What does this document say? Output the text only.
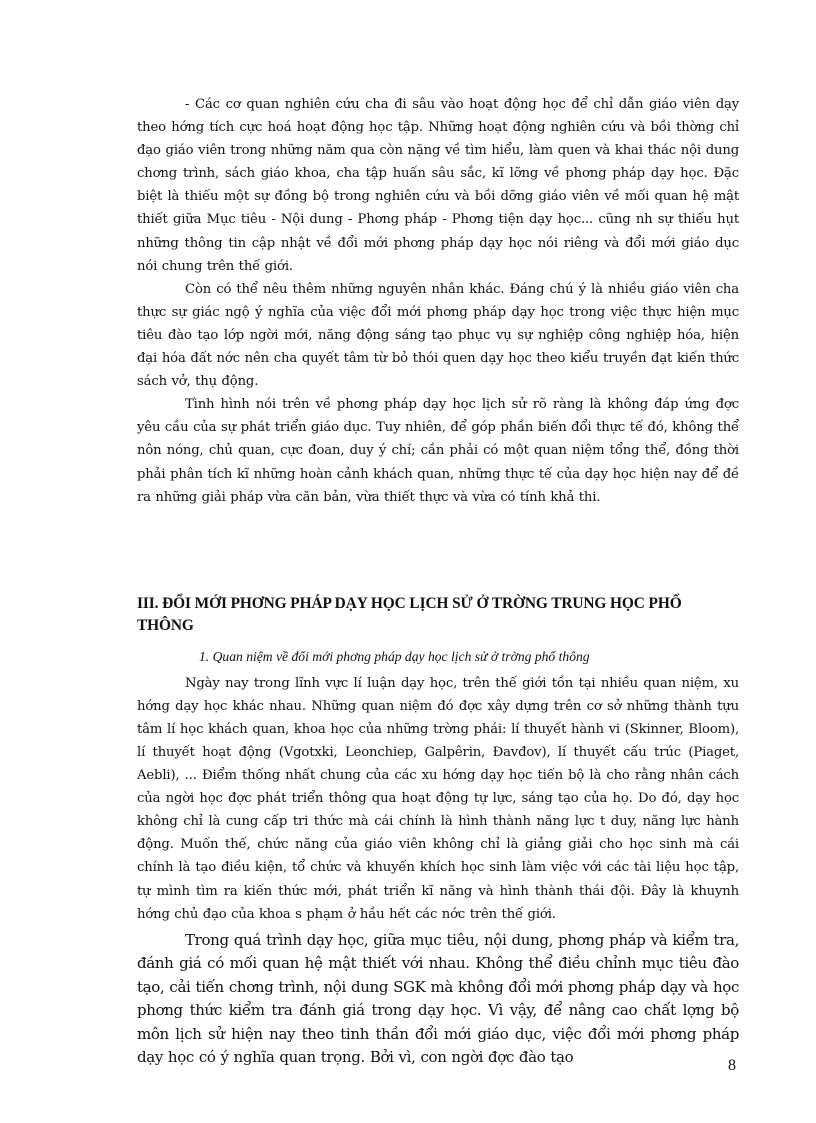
- Các cơ quan nghiên cứu cha đi sâu vào hoạt động học để chỉ dẫn giáo viên dạy theo hớng tích cực hoá hoạt động học tập. Những hoạt động nghiên cứu và bồi thờng chỉ đạo giáo viên trong những năm qua còn nặng về tìm hiểu, làm quen và khai thác nội dung chơng trình, sách giáo khoa, cha tập huấn sâu sắc, kĩ lỡng về phơng pháp dạy học. Đặc biệt là thiếu một sự đồng bộ trong nghiên cứu và bồi dỡng giáo viên về mối quan hệ mật thiết giữa Mục tiêu - Nội dung - Phơng pháp - Phơng tiện dạy học... cũng nh sự thiếu hụt những thông tin cập nhật về đổi mới phơng pháp dạy học nói riêng và đổi mới giáo dục nói chung trên thế giới.

Còn có thể nêu thêm những nguyên nhân khác. Đáng chú ý là nhiều giáo viên cha thực sự giác ngộ ý nghĩa của việc đổi mới phơng pháp dạy học trong việc thực hiện mục tiêu đào tạo lớp ngời mới, năng động sáng tạo phục vụ sự nghiệp công nghiệp hóa, hiện đại hóa đất nớc nên cha quyết tâm từ bỏ thói quen dạy học theo kiểu truyền đạt kiến thức sách vở, thụ động.

Tình hình nói trên về phơng pháp dạy học lịch sử rõ ràng là không đáp ứng đợc yêu cầu của sự phát triển giáo dục. Tuy nhiên, để góp phần biến đổi thực tế đó, không thể nôn nóng, chủ quan, cực đoan, duy ý chí; cần phải có một quan niệm tổng thể, đồng thời phải phân tích kĩ những hoàn cảnh khách quan, những thực tế của dạy học hiện nay để đề ra những giải pháp vừa căn bản, vừa thiết thực và vừa có tính khả thi.

III. ĐỔI MỚI PHƠNG PHÁP DẠY HỌC LỊCH SỬ Ở TRỜNG TRUNG HỌC PHỔ THÔNG
1. Quan niệm về đổi mới phơng pháp dạy học lịch sử ở trờng phổ thông

Ngày nay trong lĩnh vực lí luận dạy học, trên thế giới tồn tại nhiều quan niệm, xu hớng dạy học khác nhau. Những quan niệm đó đợc xây dựng trên cơ sở những thành tựu tâm lí học khách quan, khoa học của những trờng phái: lí thuyết hành vi (Skinner, Bloom), lí thuyết hoạt động (Vgotxki, Leonchiep, Galpêrin, Đavđov), lí thuyết cấu trúc (Piaget, Aebli), ... Điểm thống nhất chung của các xu hớng dạy học tiến bộ là cho rằng nhân cách của ngời học đợc phát triển thông qua hoạt động tự lực, sáng tạo của họ. Do đó, dạy học không chỉ là cung cấp tri thức mà cái chính là hình thành năng lực t duy, năng lực hành động. Muốn thế, chức năng của giáo viên không chỉ là giảng giải cho học sinh mà cái chính là tạo điều kiện, tổ chức và khuyến khích học sinh làm việc với các tài liệu học tập, tự mình tìm ra kiến thức mới, phát triển kĩ năng và hình thành thái đội. Đây là khuynh hớng chủ đạo của khoa s phạm ở hầu hết các nớc trên thế giới.

Trong quá trình dạy học, giữa mục tiêu, nội dung, phơng pháp và kiểm tra, đánh giá có mối quan hệ mật thiết với nhau. Không thể điều chỉnh mục tiêu đào tạo, cải tiến chơng trình, nội dung SGK mà không đổi mới phơng pháp dạy và học phơng thức kiểm tra đánh giá trong dạy học. Vì vậy, để nâng cao chất lợng bộ môn lịch sử hiện nay theo tinh thần đổi mới giáo dục, việc đổi mới phơng pháp dạy học có ý nghĩa quan trọng. Bởi vì, con ngời đợc đào tạo	8
